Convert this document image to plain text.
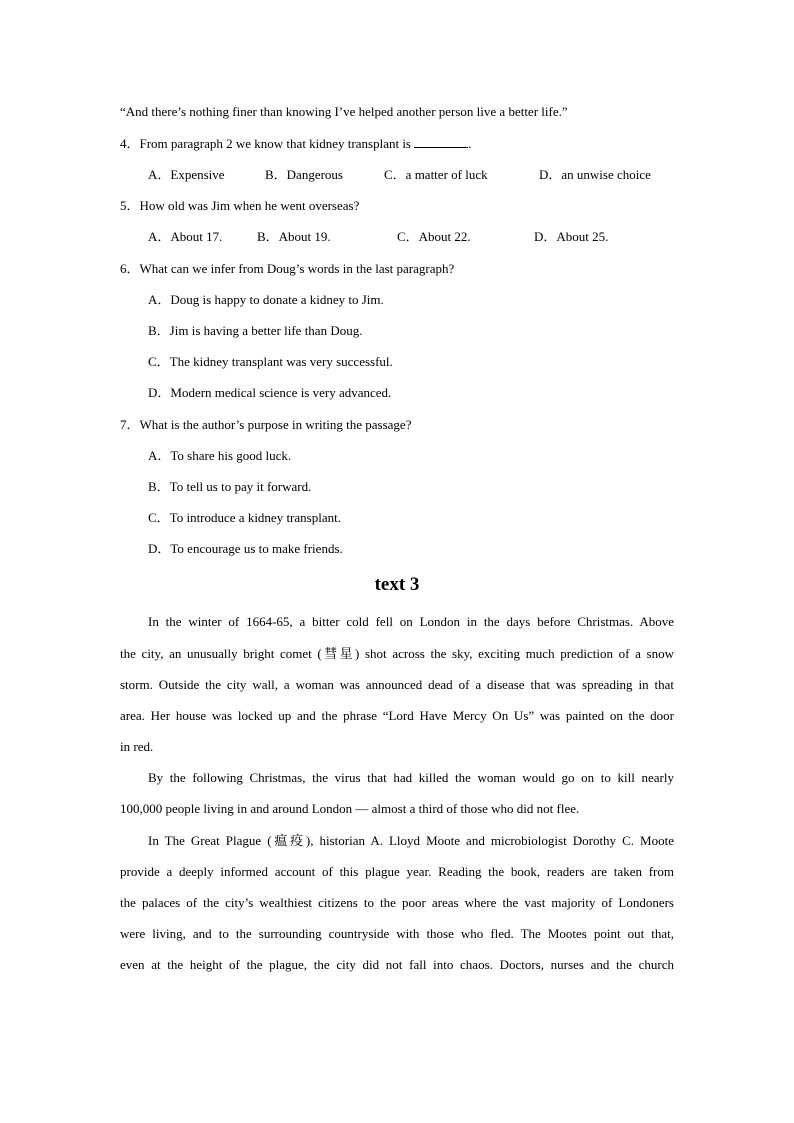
“And there’s nothing finer than knowing I’ve helped another person live a better life.”
4．From paragraph 2 we know that kidney transplant is	.
A．Expensive	B．Dangerous	C．a matter of luck	D．an unwise choice
5．How old was Jim when he went overseas?
A．About 17.	B．About 19.	C．About 22.	D．About 25.
6．What can we infer from Doug’s words in the last paragraph?
A．Doug is happy to donate a kidney to Jim.
B．Jim is having a better life than Doug.
C．The kidney transplant was very successful.
D．Modern medical science is very advanced.
7．What is the author’s purpose in writing the passage?
A．To share his good luck.
B．To tell us to pay it forward.
C．To introduce a kidney transplant.
D．To encourage us to make friends.
text 3
In the winter of 1664-65, a bitter cold fell on London in the days before Christmas. Above
the city, an unusually bright comet (彗星) shot across the sky, exciting much prediction of a snow
storm. Outside the city wall, a woman was announced dead of a disease that was spreading in that
area. Her house was locked up and the phrase “Lord Have Mercy On Us” was painted on the door
in red.
By the following Christmas, the virus that had killed the woman would go on to kill nearly
100,000 people living in and around London — almost a third of those who did not flee.
In The Great Plague (瘟疫), historian A. Lloyd Moote and microbiologist Dorothy C. Moote
provide a deeply informed account of this plague year. Reading the book, readers are taken from
the palaces of the city’s wealthiest citizens to the poor areas where the vast majority of Londoners
were living, and to the surrounding countryside with those who fled. The Mootes point out that,
even at the height of the plague, the city did not fall into chaos. Doctors, nurses and the church
